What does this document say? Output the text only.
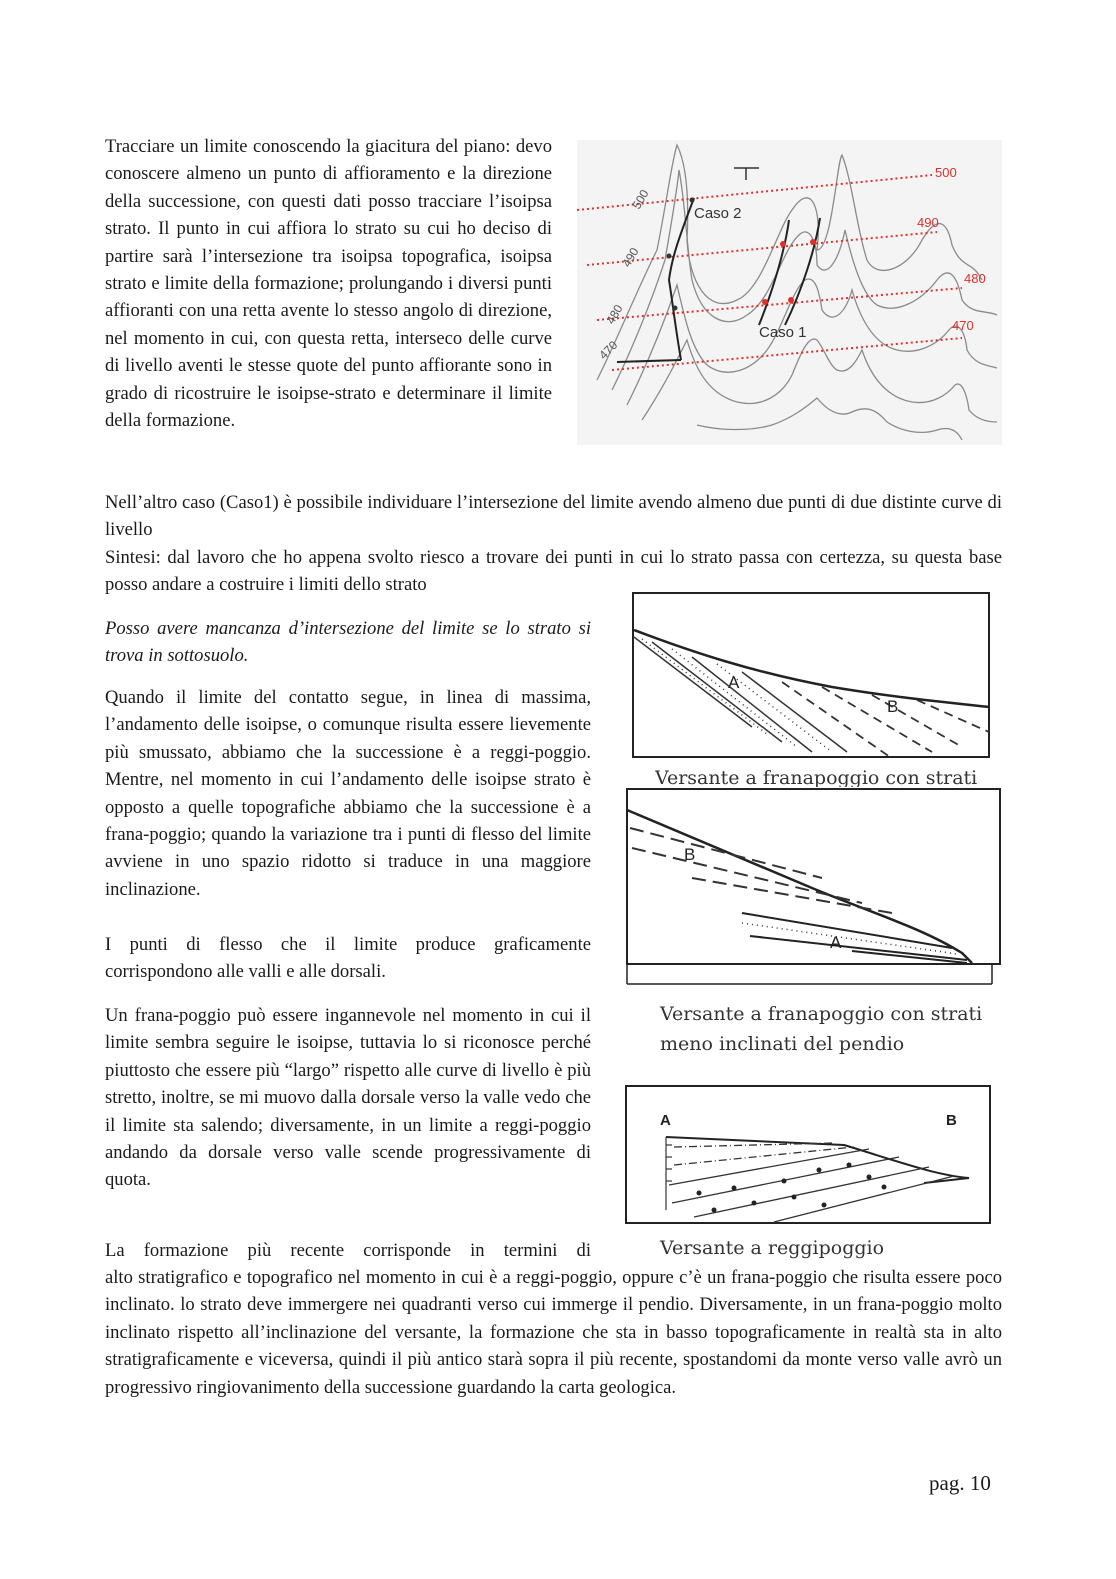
Tracciare un limite conoscendo la giacitura del piano: devo conoscere almeno un punto di affioramento e la direzione della successione, con questi dati posso tracciare l’isoipsa strato. Il punto in cui affiora lo strato su cui ho deciso di partire sarà l’intersezione tra isoipsa topografica, isoipsa strato e limite della formazione; prolungando i diversi punti affioranti con una retta avente lo stesso angolo di direzione, nel momento in cui, con questa retta, interseco delle curve di livello aventi le stesse quote del punto affiorante sono in grado di ricostruire le isoipse-strato e determinare il limite della formazione.

500
490
480
470
500
490
480
470
Caso 2
Caso 1

Nell’altro caso (Caso1) è possibile individuare l’intersezione del limite avendo almeno due punti di due distinte curve di livello

Sintesi: dal lavoro che ho appena svolto riesco a trovare dei punti in cui lo strato passa con certezza, su questa base posso andare a costruire i limiti dello strato

Posso avere mancanza d’intersezione del limite se lo strato si trova in sottosuolo.

Quando il limite del contatto segue, in linea di massima, l’andamento delle isoipse, o comunque risulta essere lievemente più smussato, abbiamo che la successione è a reggi-poggio. Mentre, nel momento in cui l’andamento delle isoipse strato è opposto a quelle topografiche abbiamo che la successione è a frana-poggio; quando la variazione tra i punti di flesso del limite avviene in uno spazio ridotto si traduce in una maggiore inclinazione.

I punti di flesso che il limite produce graficamente corrispondono alle valli e alle dorsali.

Un frana-poggio può essere ingannevole nel momento in cui il limite sembra seguire le isoipse, tuttavia lo si riconosce perché piuttosto che essere più “largo” rispetto alle curve di livello è più stretto, inoltre, se mi muovo dalla dorsale verso la valle vedo che il limite sta salendo; diversamente, in un limite a reggi-poggio andando da dorsale verso valle scende progressivamente di quota.

A
B
Versante a franapoggio con strati
B
A
Versante a franapoggio con strati
meno inclinati del pendio
A	B
Versante a reggipoggio

La formazione più recente corrisponde in termini di

alto stratigrafico e topografico nel momento in cui è a reggi-poggio, oppure c’è un frana-poggio che risulta essere poco inclinato. lo strato deve immergere nei quadranti verso cui immerge il pendio. Diversamente, in un frana-poggio molto inclinato rispetto all’inclinazione del versante, la formazione che sta in basso topograficamente in realtà sta in alto stratigraficamente e viceversa, quindi il più antico starà sopra il più recente, spostandomi da monte verso valle avrò un progressivo ringiovanimento della successione guardando la carta geologica.

pag. 10
